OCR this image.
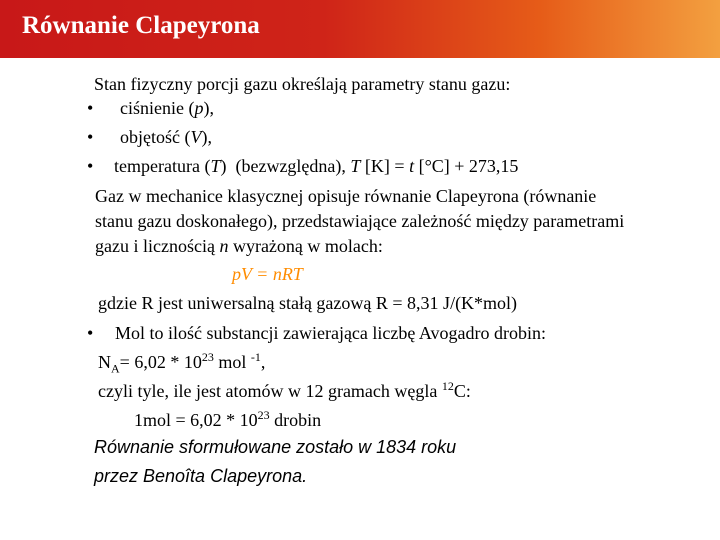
Równanie Clapeyrona
Stan fizyczny porcji gazu określają parametry stanu gazu:
• ciśnienie (p),
• objętość (V),
• temperatura (T) (bezwzględna), T [K] = t [°C] + 273,15
Gaz w mechanice klasycznej opisuje równanie Clapeyrona (równanie
stanu gazu doskonałego), przedstawiające zależność między parametrami
gazu i licznością n wyrażoną w molach:
pV = nRT
gdzie R jest uniwersalną stałą gazową R = 8,31 J/(K*mol)
• Mol to ilość substancji zawierająca liczbę Avogadro drobin:
$N_A= 6,02 * 10^{23}$ mol $^{-1}$,
czyli tyle, ile jest atomów w 12 gramach węgla $^{12}$C:
$1mol = 6,02 * 10^{23}$ drobin
Równanie sformułowane zostało w 1834 roku
przez Benoîta Clapeyrona.
